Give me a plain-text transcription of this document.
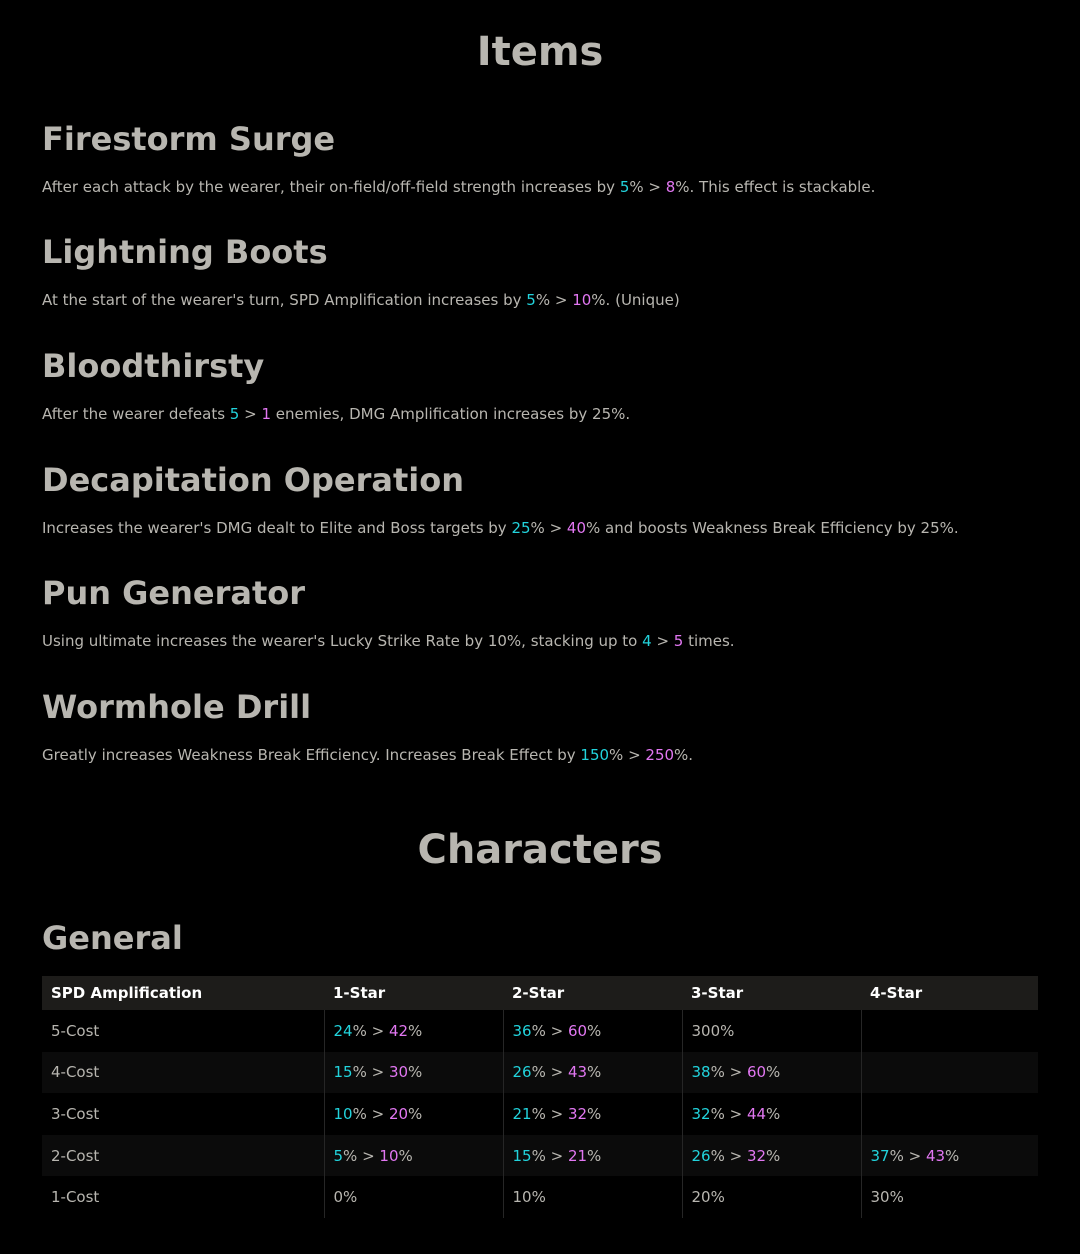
Items
Firestorm Surge

After each attack by the wearer, their on-field/off-field strength increases by 5% > 8%. This effect is stackable.

Lightning Boots

At the start of the wearer's turn, SPD Amplification increases by 5% > 10%. (Unique)

Bloodthirsty

After the wearer defeats 5 > 1 enemies, DMG Amplification increases by 25%.

Decapitation Operation

Increases the wearer's DMG dealt to Elite and Boss targets by 25% > 40% and boosts Weakness Break Efficiency by 25%.

Pun Generator

Using ultimate increases the wearer's Lucky Strike Rate by 10%, stacking up to 4 > 5 times.

Wormhole Drill

Greatly increases Weakness Break Efficiency. Increases Break Effect by 150% > 250%.

Characters
General
SPD Amplification	1-Star	2-Star	3-Star	4-Star
5-Cost	24% > 42%	36% > 60%	300%	
4-Cost	15% > 30%	26% > 43%	38% > 60%	
3-Cost	10% > 20%	21% > 32%	32% > 44%	
2-Cost	5% > 10%	15% > 21%	26% > 32%	37% > 43%
1-Cost	0%	10%	20%	30%
